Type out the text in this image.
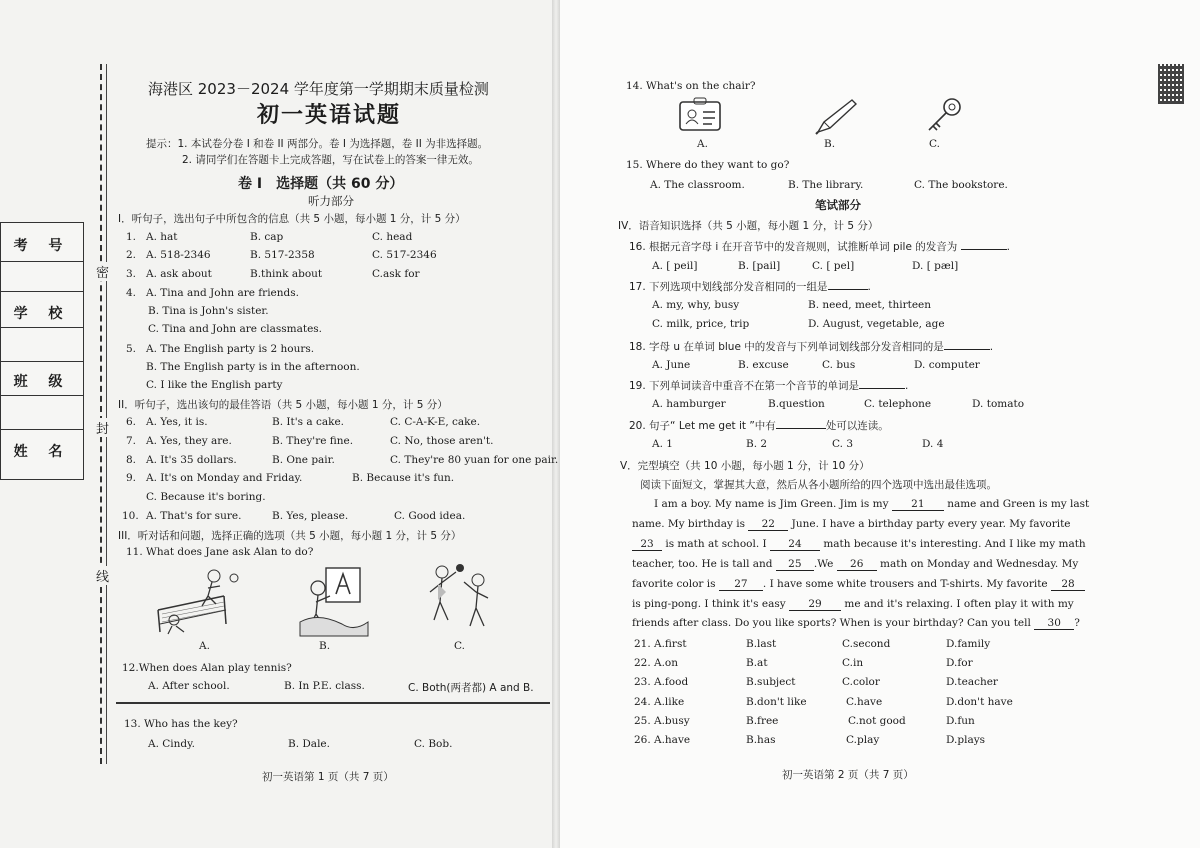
密
封
线
考 号
学 校
班 级
姓 名
海港区 2023－2024 学年度第一学期期末质量检测
初一英语试题
提示：1. 本试卷分卷 I 和卷 II 两部分。卷 I 为选择题，卷 II 为非选择题。
2. 请同学们在答题卡上完成答题，写在试卷上的答案一律无效。
卷 I　选择题（共 60 分）
听力部分
I．听句子，选出句子中所包含的信息（共 5 小题，每小题 1 分，计 5 分）
1. A. hat	B. cap	C. head
2. A. 518-2346	B. 517-2358	C. 517-2346
3. A. ask about	B.think about	C.ask for
4. A. Tina and John are friends.
B. Tina is John's sister.
C. Tina and John are classmates.
5. A. The English party is 2 hours.
B. The English party is in the afternoon.
C. I like the English party
II．听句子，选出该句的最佳答语（共 5 小题，每小题 1 分，计 5 分）
6. A. Yes, it is.	B. It's a cake.	C. C-A-K-E, cake.
7. A. Yes, they are.	B. They're fine.	C. No, those aren't.
8. A. It's 35 dollars.	B. One pair.	C. They're 80 yuan for one pair.
9. A. It's on Monday and Friday.	B. Because it's fun.
C. Because it's boring.
10. A. That's for sure.	B. Yes, please.	C. Good idea.
III．听对话和问题，选择正确的选项（共 5 小题，每小题 1 分，计 5 分）
11. What does Jane ask Alan to do?
A.	B.	C.
12.When does Alan play tennis?
A. After school.	B. In P.E. class.	C. Both(两者都) A and B.
13. Who has the key?
A. Cindy.	B. Dale.	C. Bob.
初一英语第 1 页（共 7 页）
14. What's on the chair?
A.	B.	C.
15. Where do they want to go?
A. The classroom.	B. The library.	C. The bookstore.
笔试部分
IV．语音知识选择（共 5 小题，每小题 1 分，计 5 分）
16. 根据元音字母 i 在开音节中的发音规则，试推断单词 pile 的发音为	.
A. [ peil]	B. [pail]	C. [ pel]	D. [ pæl]
17. 下列选项中划线部分发音相同的一组是	.
A. my, why, busy	B. need, meet, thirteen
C. milk, price, trip	D. August, vegetable, age
18. 字母 u 在单词 blue 中的发音与下列单词划线部分发音相同的是	.
A. June	B. excuse	C. bus	D. computer
19. 下列单词读音中重音不在第一个音节的单词是	.
A. hamburger	B.question	C. telephone	D. tomato
20. 句子“ Let me get it ”中有	处可以连读。
A. 1	B. 2	C. 3	D. 4
V．完型填空（共 10 小题，每小题 1 分，计 10 分）
阅读下面短文，掌握其大意，然后从各小题所给的四个选项中选出最佳选项。
I am a boy. My name is Jim Green. Jim is my 21 name and Green is my last
name. My birthday is 22 June. I have a birthday party every year. My favorite
23 is math at school. I 24 math because it's interesting. And I like my math
teacher, too. He is tall and 25 .We 26 math on Monday and Wednesday. My
favorite color is 27 . I have some white trousers and T-shirts. My favorite 28
is ping-pong. I think it's easy 29 me and it's relaxing. I often play it with my
friends after class. Do you like sports? When is your birthday? Can you tell 30 ?
21. A.first	B.last	C.second	D.family
22. A.on	B.at	C.in	D.for
23. A.food	B.subject	C.color	D.teacher
24. A.like	B.don't like	C.have	D.don't have
25. A.busy	B.free	C.not good	D.fun
26. A.have	B.has	C.play	D.plays
初一英语第 2 页（共 7 页）
